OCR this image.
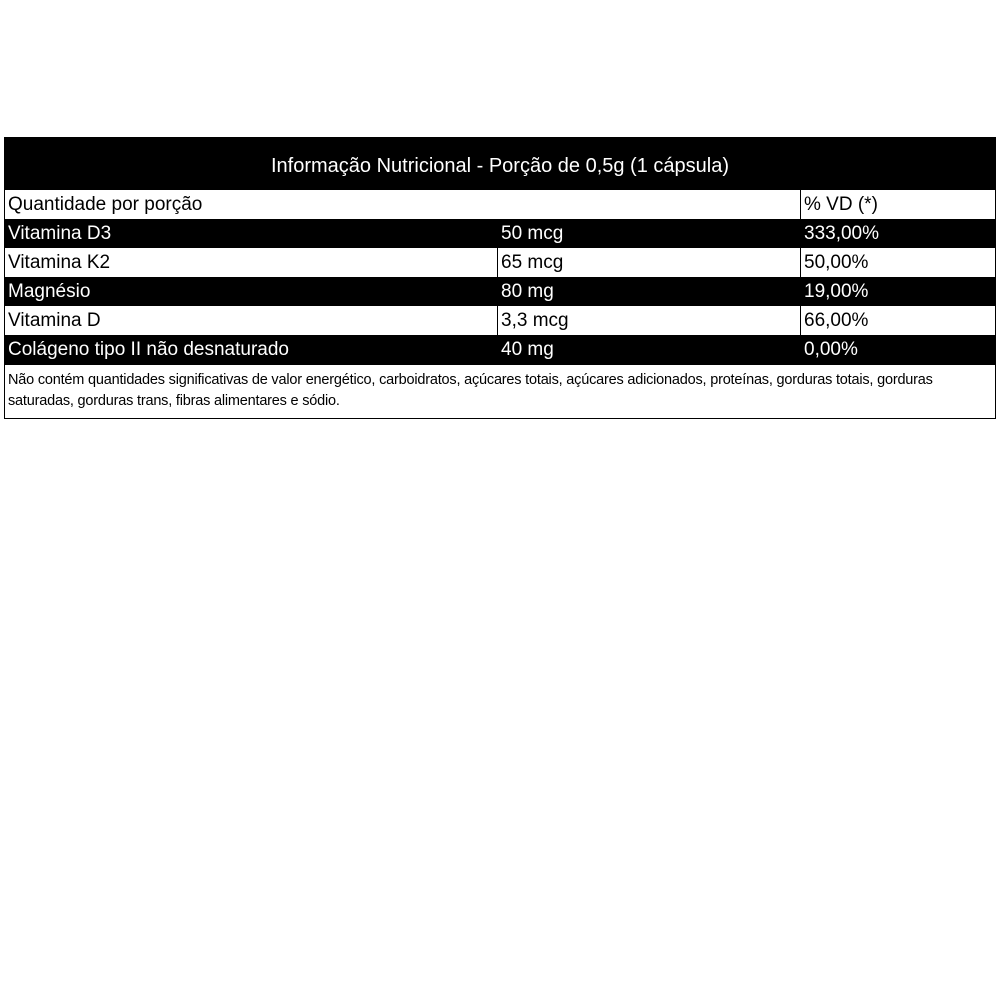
Informação Nutricional - Porção de 0,5g (1 cápsula)
Quantidade por porção	% VD (*)
Vitamina D3	50 mcg	333,00%
Vitamina K2	65 mcg	50,00%
Magnésio	80 mg	19,00%
Vitamina D	3,3 mcg	66,00%
Colágeno tipo II não desnaturado	40 mg	0,00%
Não contém quantidades significativas de valor energético, carboidratos, açúcares totais, açúcares adicionados, proteínas, gorduras totais, gorduras saturadas, gorduras trans, fibras alimentares e sódio.
